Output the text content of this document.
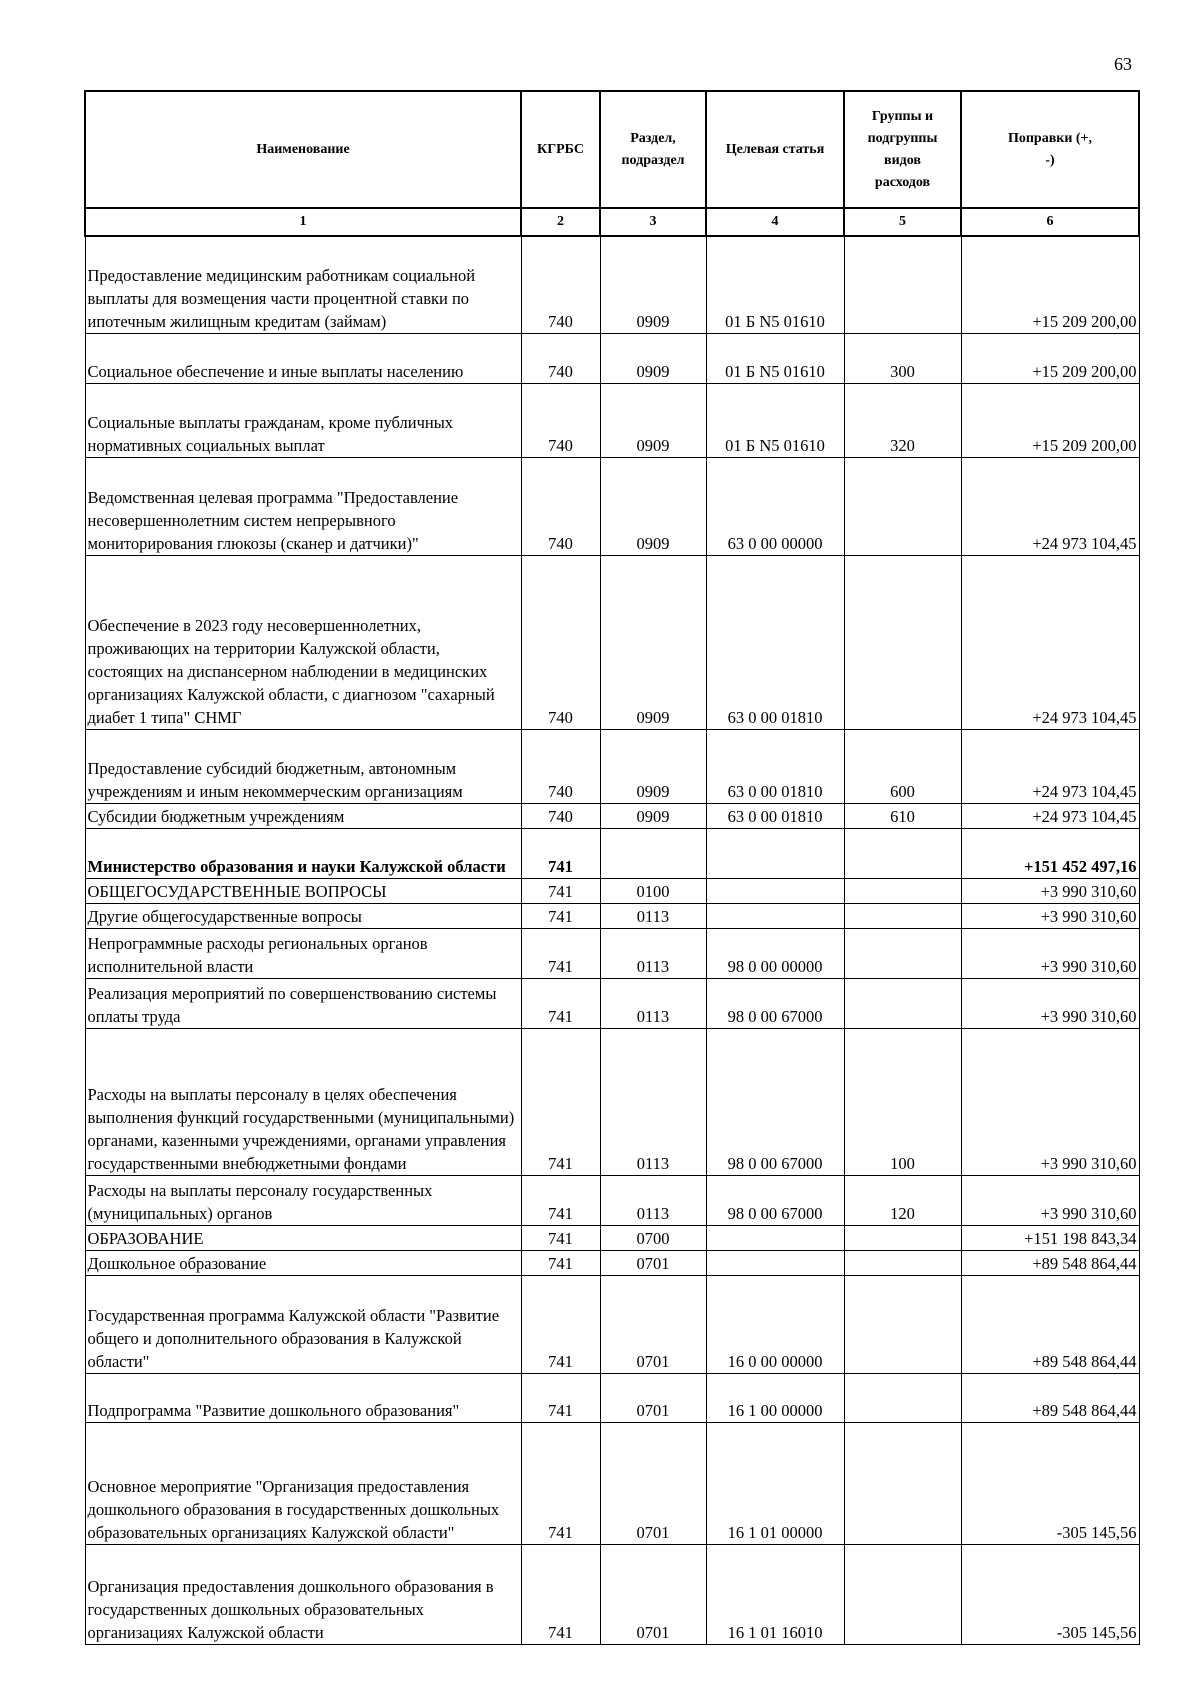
63
Наименование	КГРБС	Раздел, подраздел	Целевая статья	Группы и подгруппы видов расходов	Поправки (+, -)
1	2	3	4	5	6
Предоставление медицинским работникам социальной выплаты для возмещения части процентной ставки по ипотечным жилищным кредитам (займам)	740	0909	01 Б N5 01610		+15 209 200,00
Социальное обеспечение и иные выплаты населению	740	0909	01 Б N5 01610	300	+15 209 200,00
Социальные выплаты гражданам, кроме публичных нормативных социальных выплат	740	0909	01 Б N5 01610	320	+15 209 200,00
Ведомственная целевая программа "Предоставление несовершеннолетним систем непрерывного мониторирования глюкозы (сканер и датчики)"	740	0909	63 0 00 00000		+24 973 104,45
Обеспечение в 2023 году несовершеннолетних, проживающих на территории Калужской области, состоящих на диспансерном наблюдении в медицинских организациях Калужской области, с диагнозом "сахарный диабет 1 типа" СНМГ	740	0909	63 0 00 01810		+24 973 104,45
Предоставление субсидий бюджетным, автономным учреждениям и иным некоммерческим организациям	740	0909	63 0 00 01810	600	+24 973 104,45
Субсидии бюджетным учреждениям	740	0909	63 0 00 01810	610	+24 973 104,45
Министерство образования и науки Калужской области	741				+151 452 497,16
ОБЩЕГОСУДАРСТВЕННЫЕ ВОПРОСЫ	741	0100			+3 990 310,60
Другие общегосударственные вопросы	741	0113			+3 990 310,60
Непрограммные расходы региональных органов исполнительной власти	741	0113	98 0 00 00000		+3 990 310,60
Реализация мероприятий по совершенствованию системы оплаты труда	741	0113	98 0 00 67000		+3 990 310,60
Расходы на выплаты персоналу в целях обеспечения выполнения функций государственными (муниципальными) органами, казенными учреждениями, органами управления государственными внебюджетными фондами	741	0113	98 0 00 67000	100	+3 990 310,60
Расходы на выплаты персоналу государственных (муниципальных) органов	741	0113	98 0 00 67000	120	+3 990 310,60
ОБРАЗОВАНИЕ	741	0700			+151 198 843,34
Дошкольное образование	741	0701			+89 548 864,44
Государственная программа Калужской области "Развитие общего и дополнительного образования в Калужской области"	741	0701	16 0 00 00000		+89 548 864,44
Подпрограмма "Развитие дошкольного образования"	741	0701	16 1 00 00000		+89 548 864,44
Основное мероприятие "Организация предоставления дошкольного образования в государственных дошкольных образовательных организациях Калужской области"	741	0701	16 1 01 00000		-305 145,56
Организация предоставления дошкольного образования в государственных дошкольных образовательных организациях Калужской области	741	0701	16 1 01 16010		-305 145,56
